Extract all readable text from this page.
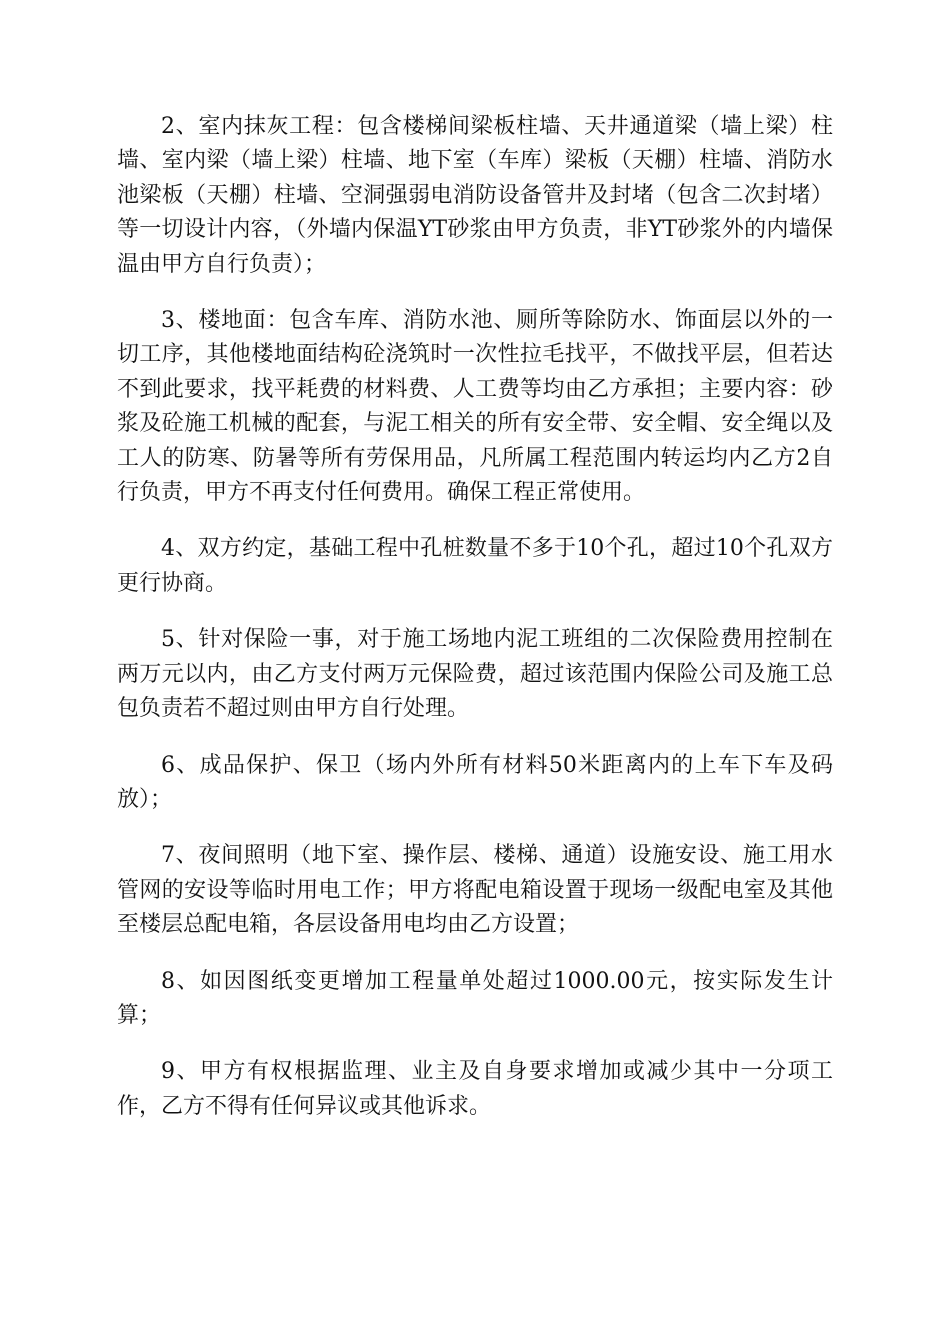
2、室内抹灰工程：包含楼梯间梁板柱墙、天井通道梁（墙上梁）柱墙、室内梁（墙上梁）柱墙、地下室（车库）梁板（天棚）柱墙、消防水池梁板（天棚）柱墙、空洞强弱电消防设备管井及封堵（包含二次封堵）等一切设计内容，（外墙内保温YT砂浆由甲方负责，非YT砂浆外的内墙保温由甲方自行负责）；

3、楼地面：包含车库、消防水池、厕所等除防水、饰面层以外的一切工序，其他楼地面结构砼浇筑时一次性拉毛找平，不做找平层，但若达不到此要求，找平耗费的材料费、人工费等均由乙方承担；主要内容：砂浆及砼施工机械的配套，与泥工相关的所有安全带、安全帽、安全绳以及工人的防寒、防暑等所有劳保用品，凡所属工程范围内转运均内乙方2自行负责，甲方不再支付任何费用。确保工程正常使用。

4、双方约定，基础工程中孔桩数量不多于10个孔，超过10个孔双方更行协商。

5、针对保险一事，对于施工场地内泥工班组的二次保险费用控制在两万元以内，由乙方支付两万元保险费，超过该范围内保险公司及施工总包负责若不超过则由甲方自行处理。

6、成品保护、保卫（场内外所有材料50米距离内的上车下车及码放）；

7、夜间照明（地下室、操作层、楼梯、通道）设施安设、施工用水管网的安设等临时用电工作；甲方将配电箱设置于现场一级配电室及其他至楼层总配电箱，各层设备用电均由乙方设置；

8、如因图纸变更增加工程量单处超过1000.00元，按实际发生计算；

9、甲方有权根据监理、业主及自身要求增加或减少其中一分项工作，乙方不得有任何异议或其他诉求。
